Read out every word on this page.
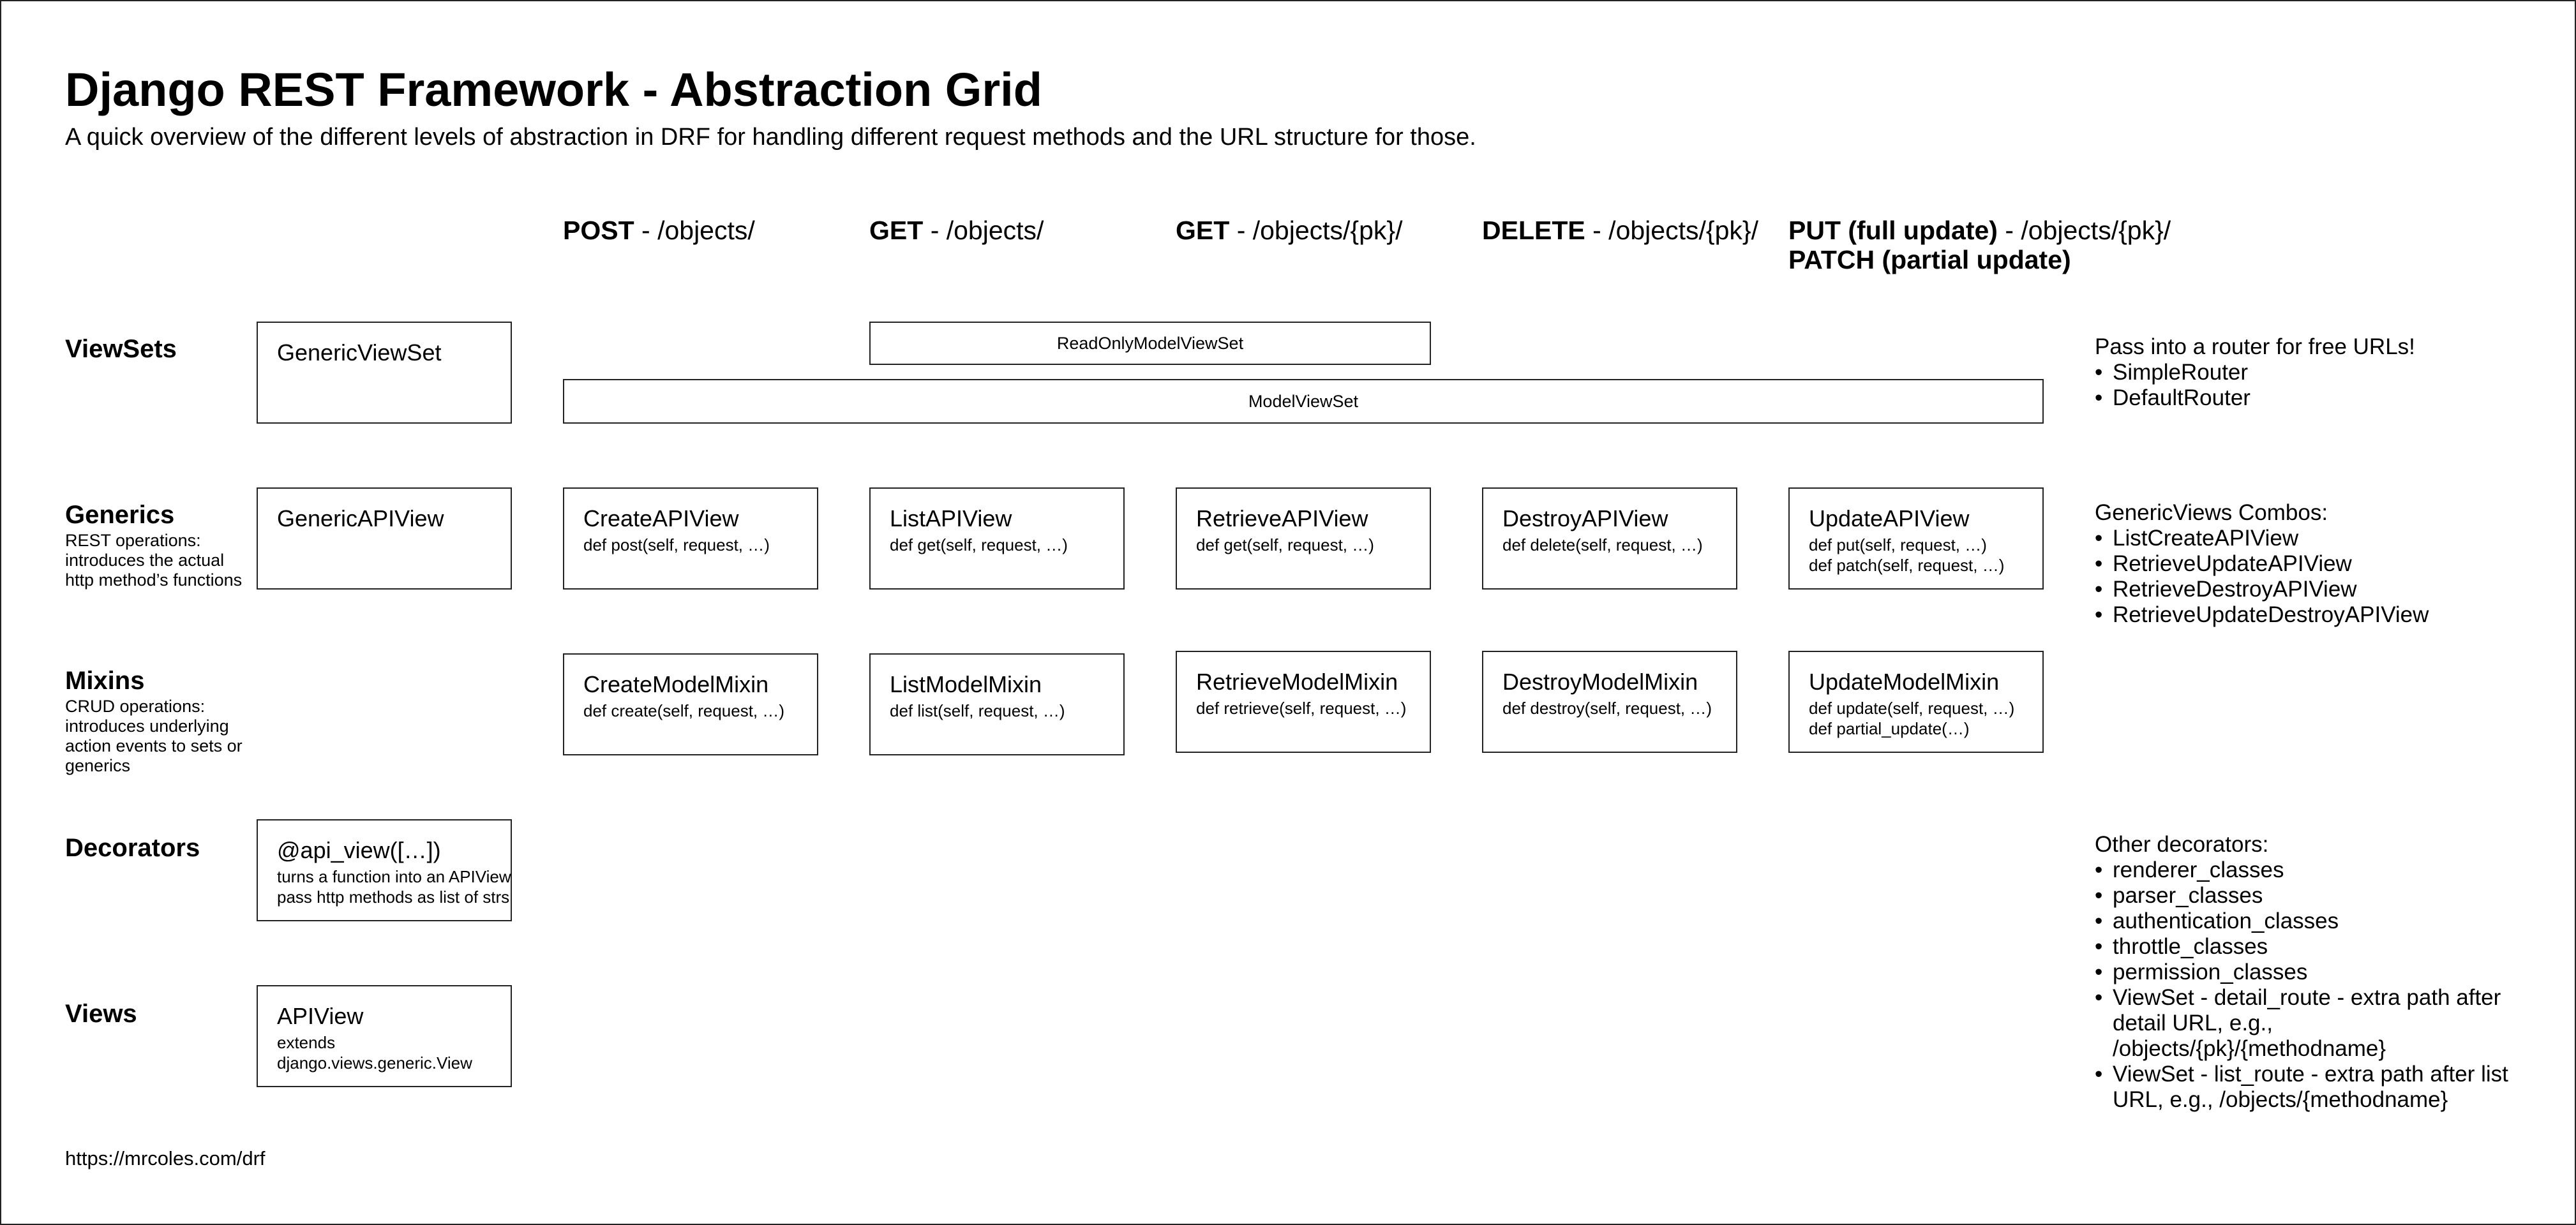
Django REST Framework - Abstraction Grid
A quick overview of the different levels of abstraction in DRF for handling different request methods and the URL structure for those.
POST - /objects/	GET - /objects/	GET - /objects/{pk}/	DELETE - /objects/{pk}/ PUT (full update) - /objects/{pk}/
PATCH (partial update)
ViewSets
Generics
REST operations: introduces the actual http method’s functions
Mixins
CRUD operations: introduces underlying action events to sets or generics
Decorators
Views
GenericViewSet	ReadOnlyModelViewSet
ModelViewSet
GenericAPIView	CreateAPIView
def post(self, request, …)
ListAPIView
def get(self, request, …)
RetrieveAPIView
def get(self, request, …)
DestroyAPIView
def delete(self, request, …)
UpdateAPIView
def put(self, request, …)
def patch(self, request, …)
CreateModelMixin
def create(self, request, …)
ListModelMixin
def list(self, request, …)
RetrieveModelMixin
def retrieve(self, request, …)
DestroyModelMixin
def destroy(self, request, …)
UpdateModelMixin
def update(self, request, …)
def partial_update(…)
@api_view([…])
turns a function into an APIView
pass http methods as list of strs
APIView
extends
django.views.generic.View
Pass into a router for free URLs!
• SimpleRouter
• DefaultRouter
GenericViews Combos:
• ListCreateAPIView
• RetrieveUpdateAPIView
• RetrieveDestroyAPIView
• RetrieveUpdateDestroyAPIView
Other decorators:
• renderer_classes
• parser_classes
• authentication_classes
• throttle_classes
• permission_classes
• ViewSet - detail_route - extra path after detail URL, e.g., /objects/{pk}/{methodname}
• ViewSet - list_route - extra path after list URL, e.g., /objects/{methodname}
https://mrcoles.com/drf
